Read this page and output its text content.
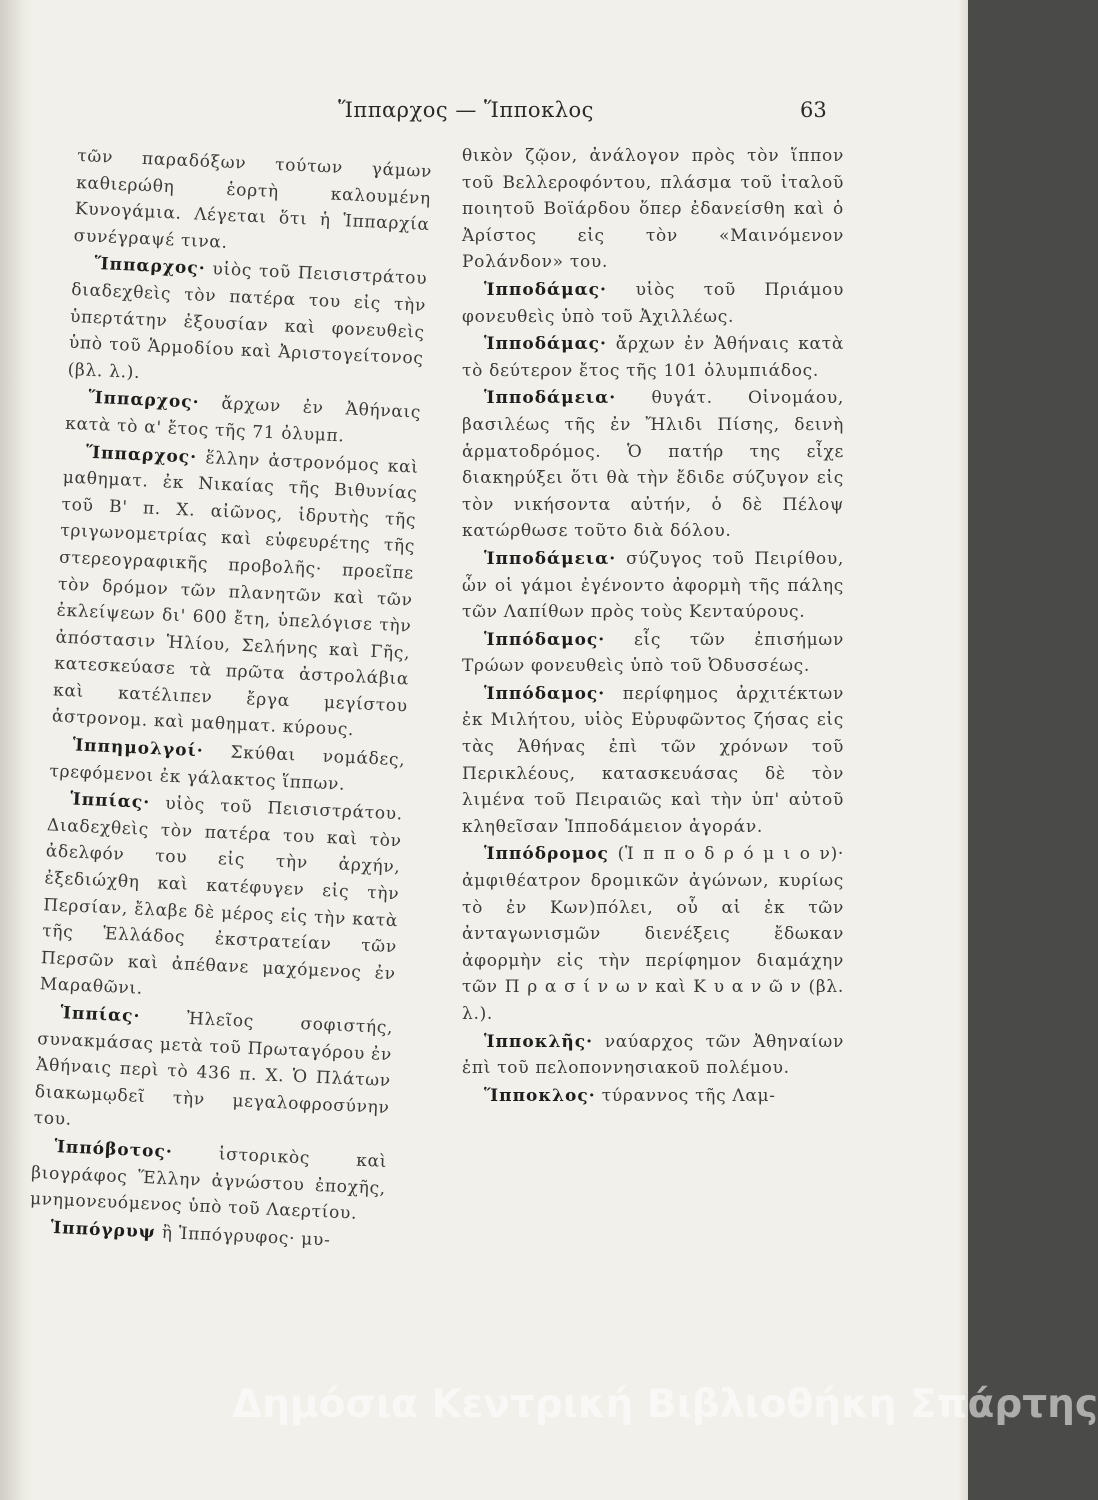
Ἵππαρχος — Ἵπποκλος	63

τῶν παραδόξων τούτων γάμων καθιερώθη ἑορτὴ καλουμένη Κυνογάμια. Λέγεται ὅτι ἡ Ἱππαρχία συνέγραψέ τινα.

Ἵππαρχος· υἱὸς τοῦ Πεισιστράτου διαδεχθεὶς τὸν πατέρα του εἰς τὴν ὑπερτάτην ἐξουσίαν καὶ φονευθεὶς ὑπὸ τοῦ Ἁρμοδίου καὶ Ἀριστογείτονος (βλ. λ.).

Ἵππαρχος· ἄρχων ἐν Ἀθήναις κατὰ τὸ α' ἔτος τῆς 71 ὀλυμπ.

Ἵππαρχος· ἕλλην ἀστρονόμος καὶ μαθηματ. ἐκ Νικαίας τῆς Βιθυνίας τοῦ Β' π. Χ. αἰῶνος, ἱδρυτὴς τῆς τριγωνομετρίας καὶ εὑφευρέτης τῆς στερεογραφικῆς προβολῆς· προεῖπε τὸν δρόμον τῶν πλανητῶν καὶ τῶν ἐκλείψεων δι' 600 ἔτη, ὑπελόγισε τὴν ἀπόστασιν Ἡλίου, Σελήνης καὶ Γῆς, κατεσκεύασε τὰ πρῶτα ἀστρολάβια καὶ κατέλιπεν ἔργα μεγίστου ἀστρονομ. καὶ μαθηματ. κύρους.

Ἱππημολγοί· Σκύθαι νομάδες, τρεφόμενοι ἐκ γάλακτος ἵππων.

Ἱππίας· υἱὸς τοῦ Πεισιστράτου. Διαδεχθεὶς τὸν πατέρα του καὶ τὸν ἀδελφόν του εἰς τὴν ἀρχήν, ἐξεδιώχθη καὶ κατέφυγεν εἰς τὴν Περσίαν, ἔλαβε δὲ μέρος εἰς τὴν κατὰ τῆς Ἑλλάδος ἐκστρατείαν τῶν Περσῶν καὶ ἀπέθανε μαχόμενος ἐν Μαραθῶνι.

Ἱππίας·	Ἠλεῖος σοφιστής, συνακμάσας μετὰ τοῦ Πρωταγόρου ἐν Ἀθήναις περὶ τὸ 436 π. Χ. Ὁ Πλάτων διακωμῳδεῖ τὴν μεγαλοφροσύνην του.

Ἱππόβοτος·	ἱστορικὸς καὶ βιογράφος Ἕλλην ἀγνώστου ἐποχῆς, μνημονευόμενος ὑπὸ τοῦ Λαερτίου.

Ἱππόγρυψ ἢ Ἱππόγρυφος· μυ-

θικὸν ζῷον, ἀνάλογον πρὸς τὸν ἵππον τοῦ Βελλεροφόντου, πλάσμα τοῦ ἰταλοῦ ποιητοῦ Βοϊάρδου ὅπερ ἐδανείσθη καὶ ὁ Ἀρίστος εἰς τὸν «Μαινόμενον Ρολάνδον» του.

Ἱπποδάμας· υἱὸς τοῦ Πριάμου φονευθεὶς ὑπὸ τοῦ Ἀχιλλέως.

Ἱπποδάμας· ἄρχων ἐν Ἀθήναις κατὰ τὸ δεύτερον ἔτος τῆς 101 ὀλυμπιάδος.

Ἱπποδάμεια· θυγάτ. Οἰνομάου, βασιλέως τῆς ἐν Ἤλιδι Πίσης, δεινὴ ἁρματοδρόμος. Ὁ πατήρ της εἶχε διακηρύξει ὅτι θὰ τὴν ἔδιδε σύζυγον εἰς τὸν νικήσοντα αὐτήν, ὁ δὲ Πέλοψ κατώρθωσε τοῦτο διὰ δόλου.

Ἱπποδάμεια· σύζυγος τοῦ Πειρίθου, ὧν οἱ γάμοι ἐγένοντο ἀφορμὴ τῆς πάλης τῶν Λαπίθων πρὸς τοὺς Κενταύρους.

Ἱππόδαμος· εἷς τῶν ἐπισήμων Τρώων φονευθεὶς ὑπὸ τοῦ Ὀδυσσέως.

Ἱππόδαμος· περίφημος ἀρχιτέκτων ἐκ Μιλήτου, υἱὸς Εὐρυφῶντος ζήσας εἰς τὰς Ἀθήνας ἐπὶ τῶν χρόνων τοῦ Περικλέους, κατασκευάσας δὲ τὸν λιμένα τοῦ Πειραιῶς καὶ τὴν ὑπ' αὐτοῦ κληθεῖσαν Ἱπποδάμειον ἀγοράν.

Ἱππόδρομος (Ἱ π π ο δ ρ ό μ ι ο ν)· ἀμφιθέατρον δρομικῶν ἀγώνων, κυρίως τὸ ἐν Κων)πόλει, οὗ αἱ ἐκ τῶν ἀνταγωνισμῶν διενέξεις ἔδωκαν ἀφορμὴν εἰς τὴν περίφημον διαμάχην τῶν Π ρ α σ ί ν ω ν καὶ Κ υ α ν ῶ ν (βλ. λ.).

Ἱπποκλῆς· ναύαρχος τῶν Ἀθηναίων ἐπὶ τοῦ πελοποννησιακοῦ πολέμου.

Ἵπποκλος· τύραννος τῆς Λαμ-

Δημόσια Κεντρική Βιβλιοθήκη Σπάρτης
